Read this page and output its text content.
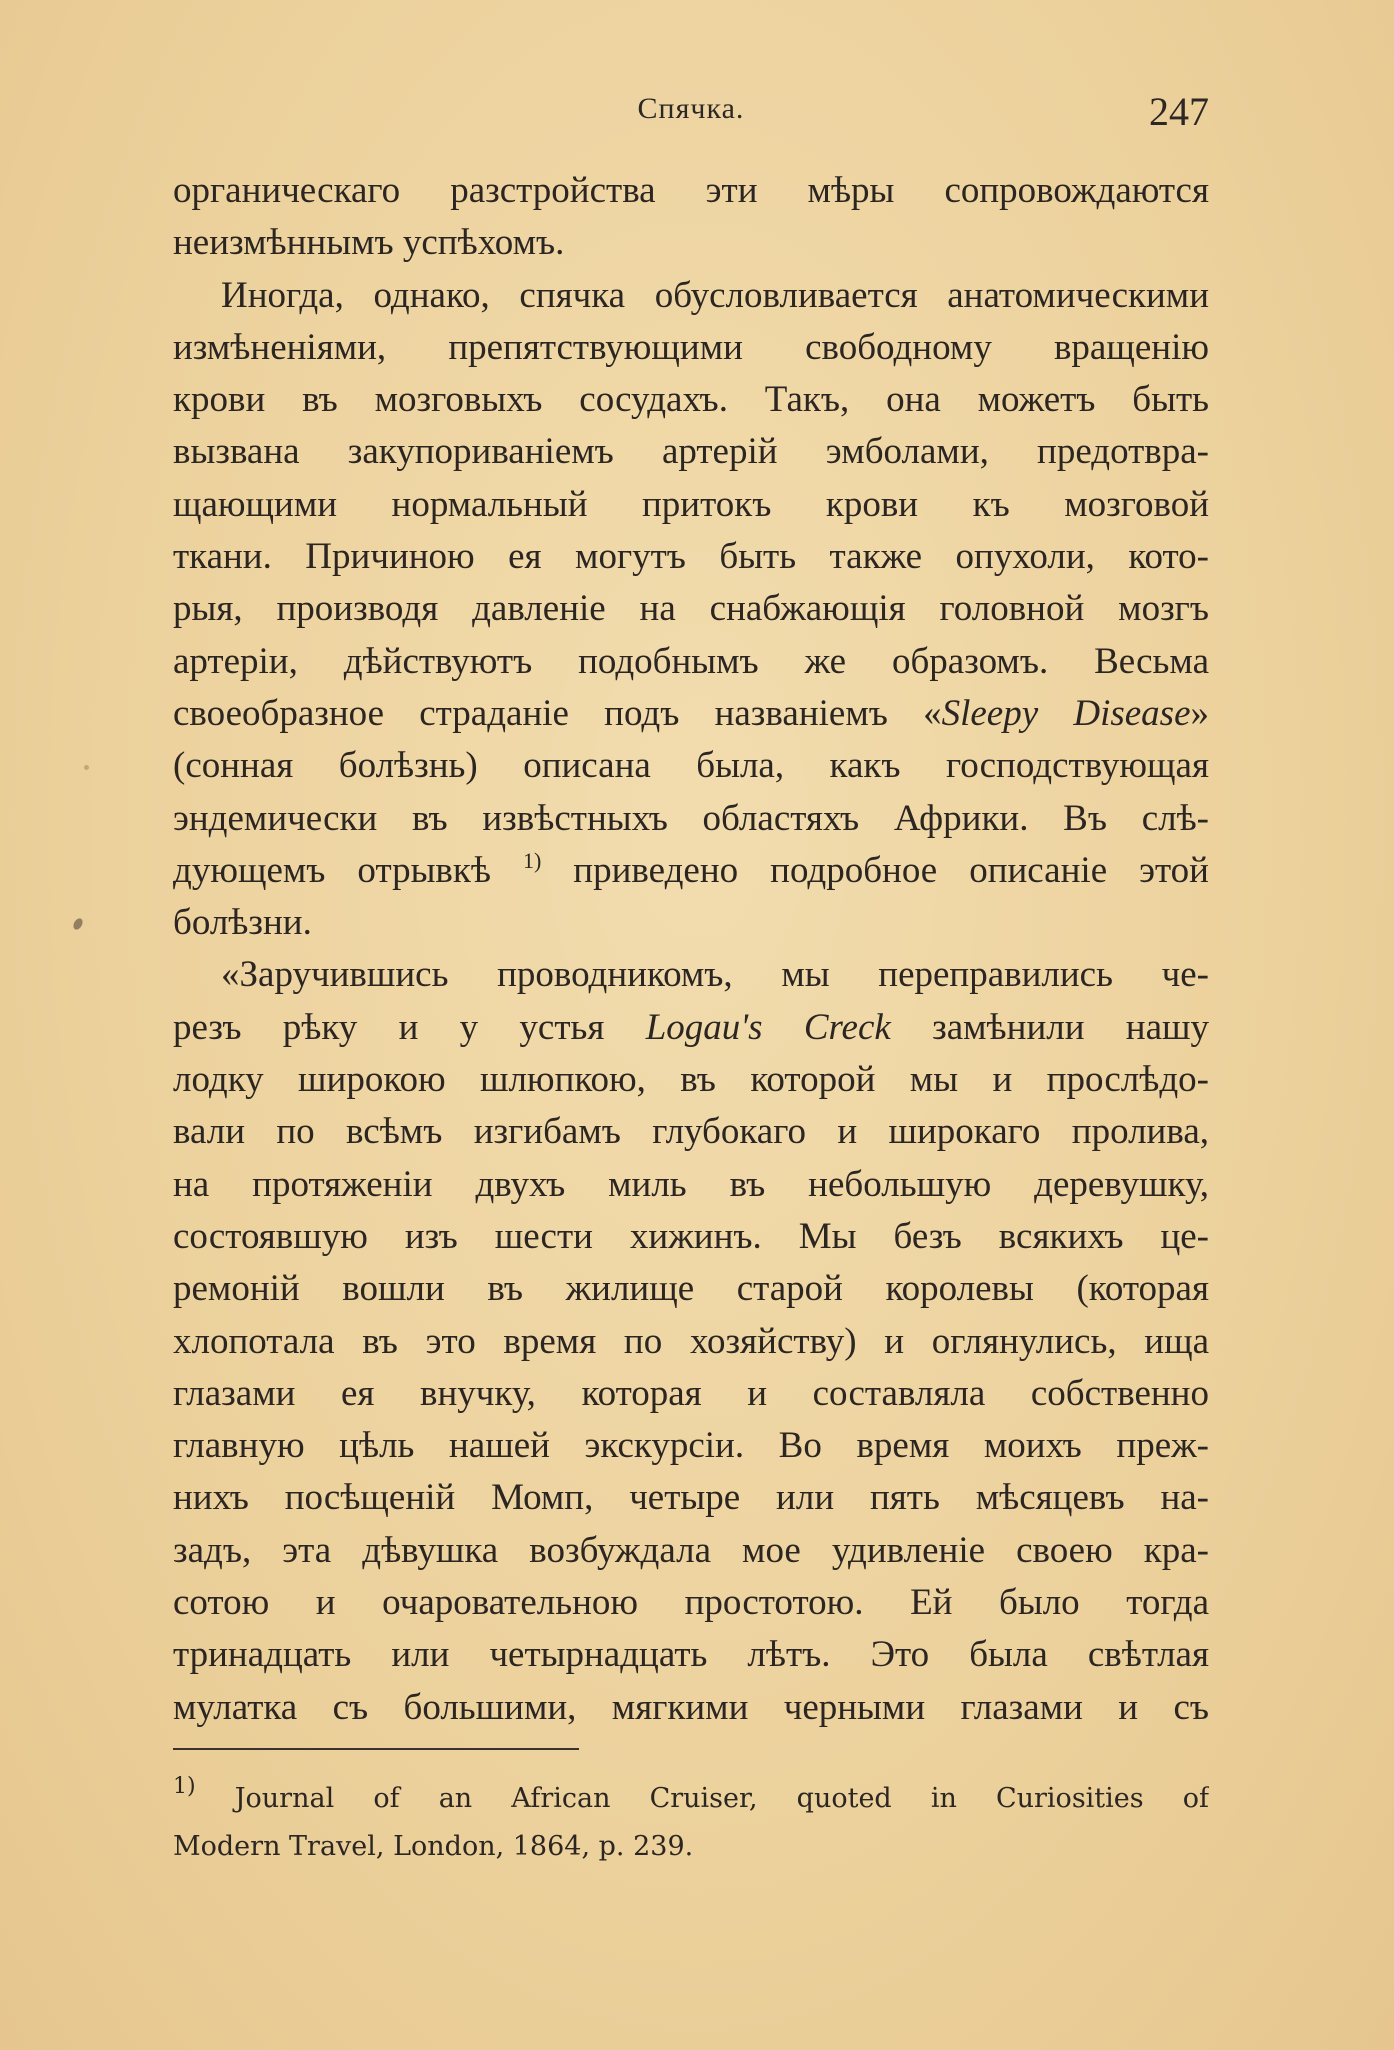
Спячка.	247
органическаго разстройства эти мѣры сопровождаются
неизмѣннымъ успѣхомъ.
Иногда, однако, спячка обусловливается анатомическими
измѣненіями, препятствующими свободному вращенію
крови въ мозговыхъ сосудахъ. Такъ, она можетъ быть
вызвана закупориваніемъ артерій эмболами, предотвра-
щающими нормальный притокъ крови къ мозговой
ткани. Причиною ея могутъ быть также опухоли, кото-
рыя, производя давленіе на снабжающія головной мозгъ
артеріи, дѣйствуютъ подобнымъ же образомъ. Весьма
своеобразное страданіе подъ названіемъ «Sleepy Disease»
(сонная болѣзнь) описана была, какъ господствующая
эндемически въ извѣстныхъ областяхъ Африки. Въ слѣ-
дующемъ отрывкѣ $^{1)}$ приведено подробное описаніе этой
болѣзни.
«Заручившись проводникомъ, мы переправились че-
резъ рѣку и у устья Logau's Creck замѣнили нашу
лодку широкою шлюпкою, въ которой мы и прослѣдо-
вали по всѣмъ изгибамъ глубокаго и широкаго пролива,
на протяженіи двухъ миль въ небольшую деревушку,
состоявшую изъ шести хижинъ. Мы безъ всякихъ це-
ремоній вошли въ жилище старой королевы (которая
хлопотала въ это время по хозяйству) и оглянулись, ища
глазами ея внучку, которая и составляла собственно
главную цѣль нашей экскурсіи. Во время моихъ преж-
нихъ посѣщеній Момп, четыре или пять мѣсяцевъ на-
задъ, эта дѣвушка возбуждала мое удивленіе своею кра-
сотою и очаровательною простотою. Ей было тогда
тринадцать или четырнадцать лѣтъ. Это была свѣтлая
мулатка съ большими, мягкими черными глазами и съ
$^{1)}$ Journal of an African Cruiser, quoted in Curiosities of
Modern Travel, London, 1864, p. 239.
